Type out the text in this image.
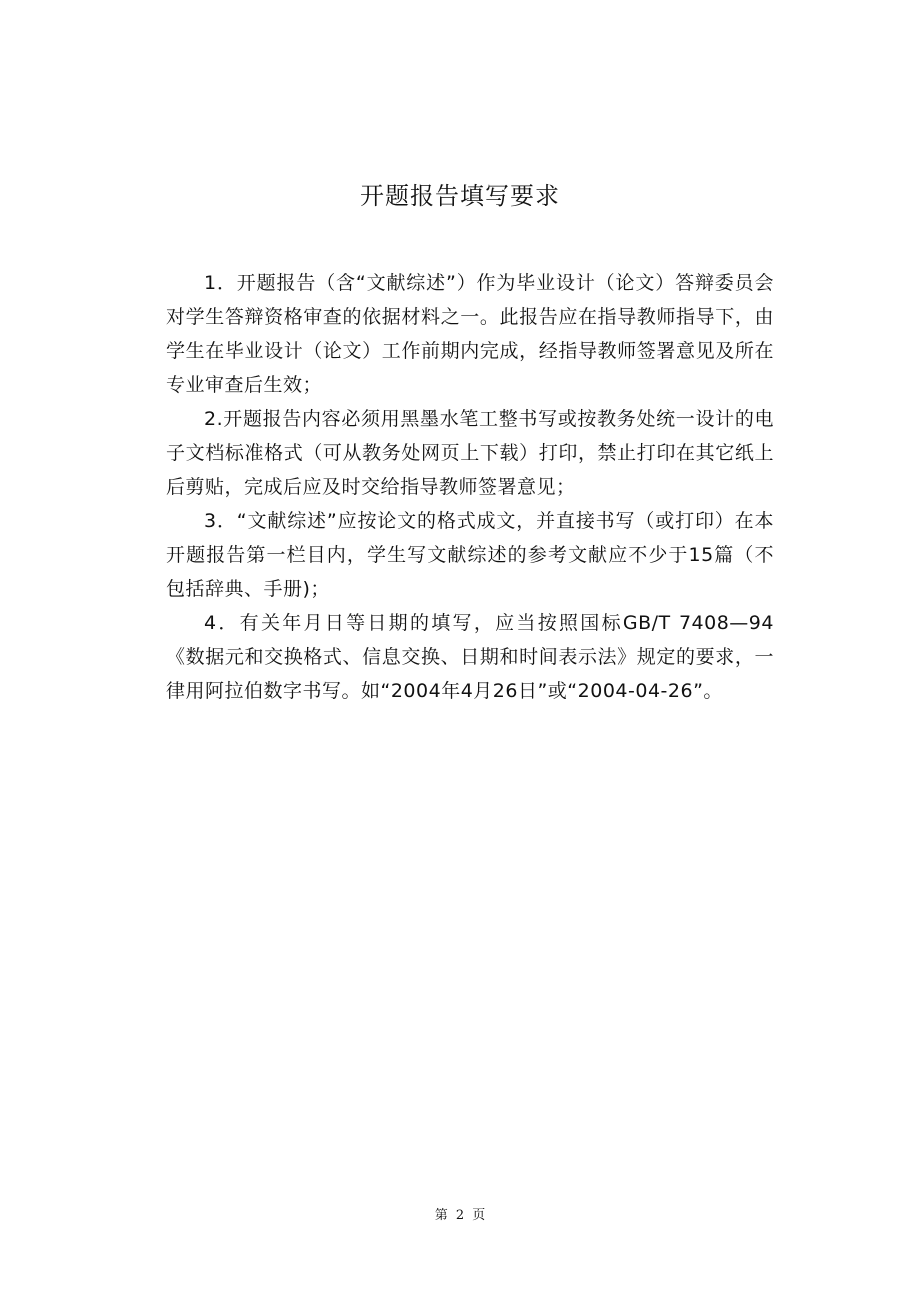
开题报告填写要求

1．开题报告（含“文献综述”）作为毕业设计（论文）答辩委员会对学生答辩资格审查的依据材料之一。此报告应在指导教师指导下，由学生在毕业设计（论文）工作前期内完成，经指导教师签署意见及所在专业审查后生效；

2.开题报告内容必须用黑墨水笔工整书写或按教务处统一设计的电子文档标准格式（可从教务处网页上下载）打印，禁止打印在其它纸上后剪贴，完成后应及时交给指导教师签署意见；

3．“文献综述”应按论文的格式成文，并直接书写（或打印）在本开题报告第一栏目内，学生写文献综述的参考文献应不少于15篇（不包括辞典、手册)；

4．有关年月日等日期的填写，应当按照国标GB/T 7408—94《数据元和交换格式、信息交换、日期和时间表示法》规定的要求，一律用阿拉伯数字书写。如“2004年4月26日”或“2004-04-26”。

第 2 页
